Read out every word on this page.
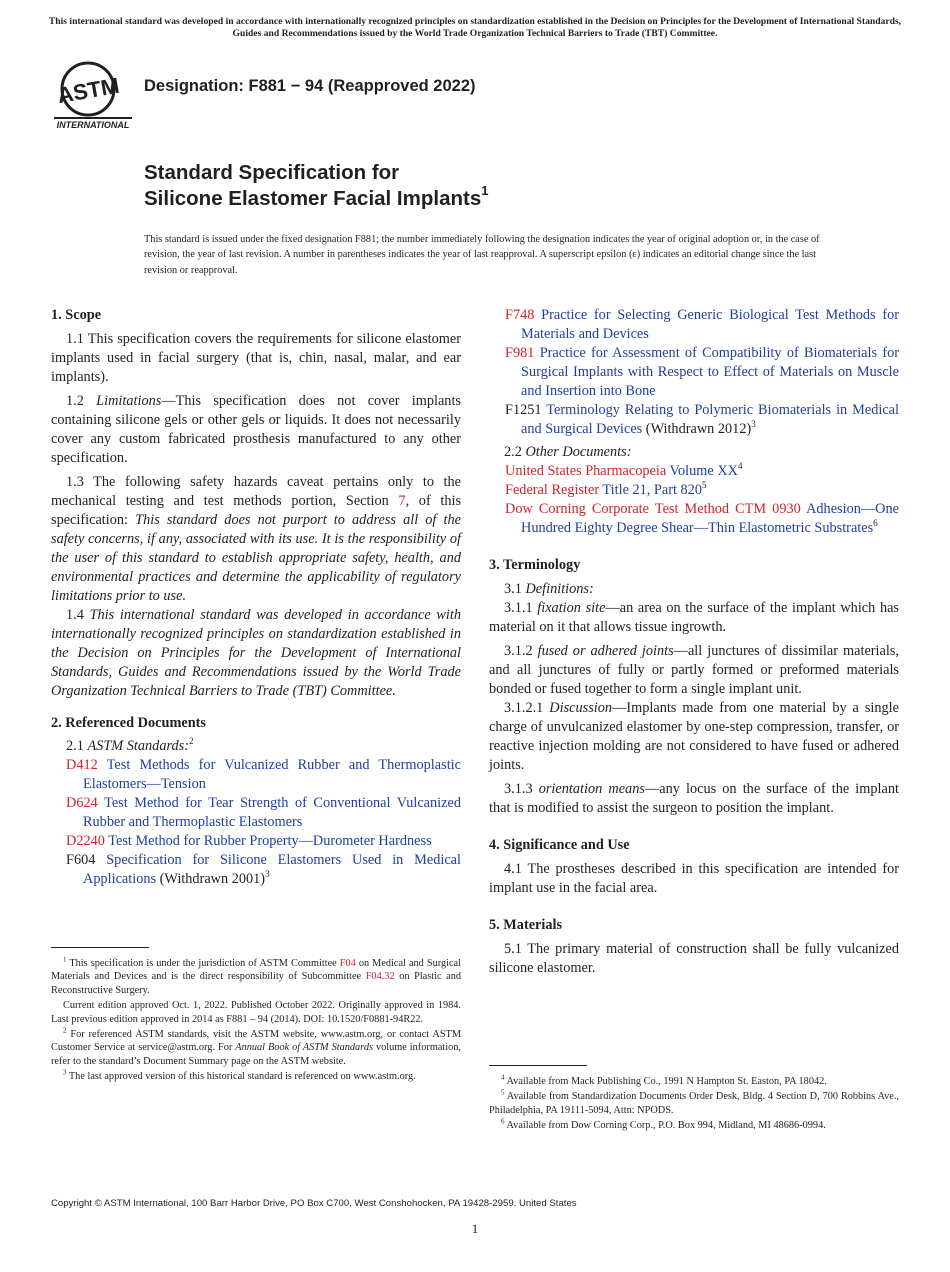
This international standard was developed in accordance with internationally recognized principles on standardization established in the Decision on Principles for the Development of International Standards, Guides and Recommendations issued by the World Trade Organization Technical Barriers to Trade (TBT) Committee.
ASTM
INTERNATIONAL
Designation: F881 − 94 (Reapproved 2022)
Standard Specification for
Silicone Elastomer Facial Implants$^1$
This standard is issued under the fixed designation F881; the number immediately following the designation indicates the year of original adoption or, in the case of revision, the year of last revision. A number in parentheses indicates the year of last reapproval. A superscript epsilon (ε) indicates an editorial change since the last revision or reapproval.
1. Scope

1.1 This specification covers the requirements for silicone elastomer implants used in facial surgery (that is, chin, nasal, malar, and ear implants).

1.2 Limitations—This specification does not cover implants containing silicone gels or other gels or liquids. It does not necessarily cover any custom fabricated prosthesis manufactured to any other specification.

1.3 The following safety hazards caveat pertains only to the mechanical testing and test methods portion, Section 7, of this specification: This standard does not purport to address all of the safety concerns, if any, associated with its use. It is the responsibility of the user of this standard to establish appropriate safety, health, and environmental practices and determine the applicability of regulatory limitations prior to use.

1.4 This international standard was developed in accordance with internationally recognized principles on standardization established in the Decision on Principles for the Development of International Standards, Guides and Recommendations issued by the World Trade Organization Technical Barriers to Trade (TBT) Committee.

2. Referenced Documents

2.1 ASTM Standards:$^2$

D412 Test Methods for Vulcanized Rubber and Thermoplastic Elastomers—Tension

D624 Test Method for Tear Strength of Conventional Vulcanized Rubber and Thermoplastic Elastomers

D2240 Test Method for Rubber Property—Durometer Hardness

F604 Specification for Silicone Elastomers Used in Medical Applications (Withdrawn 2001)$^3$

$^1$ This specification is under the jurisdiction of ASTM Committee F04 on Medical and Surgical Materials and Devices and is the direct responsibility of Subcommittee F04.32 on Plastic and Reconstructive Surgery.

Current edition approved Oct. 1, 2022. Published October 2022. Originally approved in 1984. Last previous edition approved in 2014 as F881 – 94 (2014). DOI: 10.1520/F0881-94R22.

$^2$ For referenced ASTM standards, visit the ASTM website, www.astm.org, or contact ASTM Customer Service at service@astm.org. For Annual Book of ASTM Standards volume information, refer to the standard’s Document Summary page on the ASTM website.

$^3$ The last approved version of this historical standard is referenced on www.astm.org.

F748 Practice for Selecting Generic Biological Test Methods for Materials and Devices

F981 Practice for Assessment of Compatibility of Biomaterials for Surgical Implants with Respect to Effect of Materials on Muscle and Insertion into Bone

F1251 Terminology Relating to Polymeric Biomaterials in Medical and Surgical Devices (Withdrawn 2012)$^3$

2.2 Other Documents:

United States Pharmacopeia Volume $XX^4$

Federal Register Title 21, Part $820^5$

Dow Corning Corporate Test Method CTM 0930 Adhesion—One Hundred Eighty Degree Shear—Thin Elastometric Substrates$^6$

3. Terminology

3.1 Definitions:

3.1.1 fixation site—an area on the surface of the implant which has material on it that allows tissue ingrowth.

3.1.2 fused or adhered joints—all junctures of dissimilar materials, and all junctures of fully or partly formed or preformed materials bonded or fused together to form a single implant unit.

3.1.2.1 Discussion—Implants made from one material by a single charge of unvulcanized elastomer by one-step compression, transfer, or reactive injection molding are not considered to have fused or adhered joints.

3.1.3 orientation means—any locus on the surface of the implant that is modified to assist the surgeon to position the implant.

4. Significance and Use

4.1 The prostheses described in this specification are intended for implant use in the facial area.

5. Materials

5.1 The primary material of construction shall be fully vulcanized silicone elastomer.

$^4$ Available from Mack Publishing Co., 1991 N Hampton St. Easton, PA 18042.

$^5$ Available from Standardization Documents Order Desk, Bldg. 4 Section D, 700 Robbins Ave., Philadelphia, PA 19111-5094, Attn: NPODS.

$^6$ Available from Dow Corning Corp., P.O. Box 994, Midland, MI 48686-0994.

Copyright © ASTM International, 100 Barr Harbor Drive, PO Box C700, West Conshohocken, PA 19428-2959. United States
1
